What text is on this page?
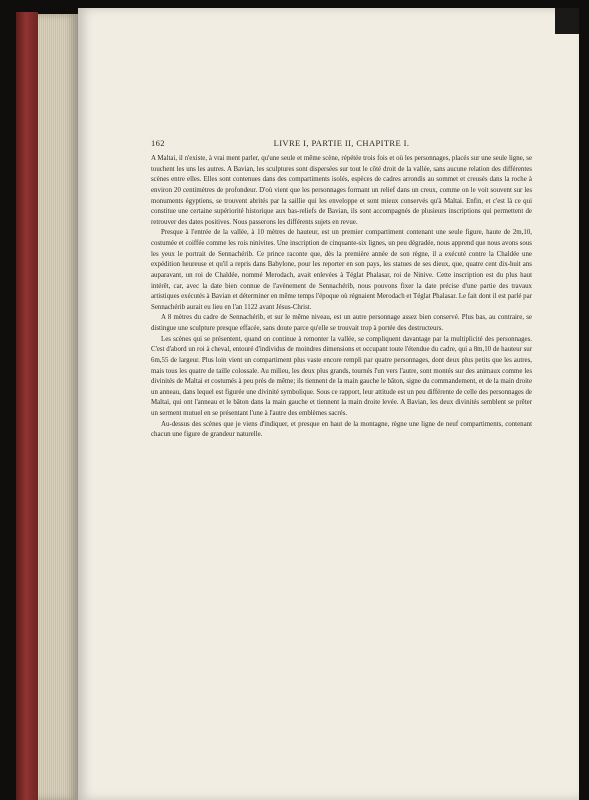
162	LIVRE I, PARTIE II, CHAPITRE I.

A Maltai, il n'existe, à vrai ment parler, qu'une seule et même scène, répétée trois fois et où les personnages, placés sur une seule ligne, se touchent les uns les autres. A Bavian, les sculptures sont dispersées sur tout le côté droit de la vallée, sans aucune relation des différentes scènes entre elles. Elles sont contenues dans des compartiments isolés, espèces de cadres arrondis au sommet et creusés dans la roche à environ 20 centimètres de profondeur. D'où vient que les personnages formant un relief dans un creux, comme on le voit souvent sur les monuments égyptiens, se trouvent abrités par la saillie qui les enveloppe et sont mieux conservés qu'à Maltai. Enfin, et c'est là ce qui constitue une certaine supériorité historique aux bas-reliefs de Bavian, ils sont accompagnés de plusieurs inscriptions qui permettent de retrouver des dates positives. Nous passerons les différents sujets en revue.

Presque à l'entrée de la vallée, à 10 mètres de hauteur, est un premier compartiment contenant une seule figure, haute de 2m,10, costumée et coiffée comme les rois ninivites. Une inscription de cinquante-six lignes, un peu dégradée, nous apprend que nous avons sous les yeux le portrait de Sennachérib. Ce prince raconte que, dès la première année de son règne, il a exécuté contre la Chaldée une expédition heureuse et qu'il a repris dans Babylone, pour les reporter en son pays, les statues de ses dieux, que, quatre cent dix-huit ans auparavant, un roi de Chaldée, nommé Merodach, avait enlevées à Téglat Phalasar, roi de Ninive. Cette inscription est du plus haut intérêt, car, avec la date bien connue de l'avènement de Sennachérib, nous pouvons fixer la date précise d'une partie des travaux artistiques exécutés à Bavian et déterminer en même temps l'époque où régnaient Merodach et Téglat Phalasar. Le fait dont il est parlé par Sennachérib aurait eu lieu en l'an 1122 avant Jésus-Christ.

A 8 mètres du cadre de Sennachérib, et sur le même niveau, est un autre personnage assez bien conservé. Plus bas, au contraire, se distingue une sculpture presque effacée, sans doute parce qu'elle se trouvait trop à portée des destructeurs.

Les scènes qui se présentent, quand on continue à remonter la vallée, se compliquent davantage par la multiplicité des personnages. C'est d'abord un roi à cheval, entouré d'individus de moindres dimensions et occupant toute l'étendue du cadre, qui a 8m,10 de hauteur sur 6m,55 de largeur. Plus loin vient un compartiment plus vaste encore rempli par quatre personnages, dont deux plus petits que les autres, mais tous les quatre de taille colossale. Au milieu, les deux plus grands, tournés l'un vers l'autre, sont montés sur des animaux comme les divinités de Maltai et costumés à peu près de même; ils tiennent de la main gauche le bâton, signe du commandement, et de la main droite un anneau, dans lequel est figurée une divinité symbolique. Sous ce rapport, leur attitude est un peu différente de celle des personnages de Maltai, qui ont l'anneau et le bâton dans la main gauche et tiennent la main droite levée. A Bavian, les deux divinités semblent se prêter un serment mutuel en se présentant l'une à l'autre des emblèmes sacrés.

Au-dessus des scènes que je viens d'indiquer, et presque en haut de la montagne, règne une ligne de neuf compartiments, contenant chacun une figure de grandeur naturelle.
